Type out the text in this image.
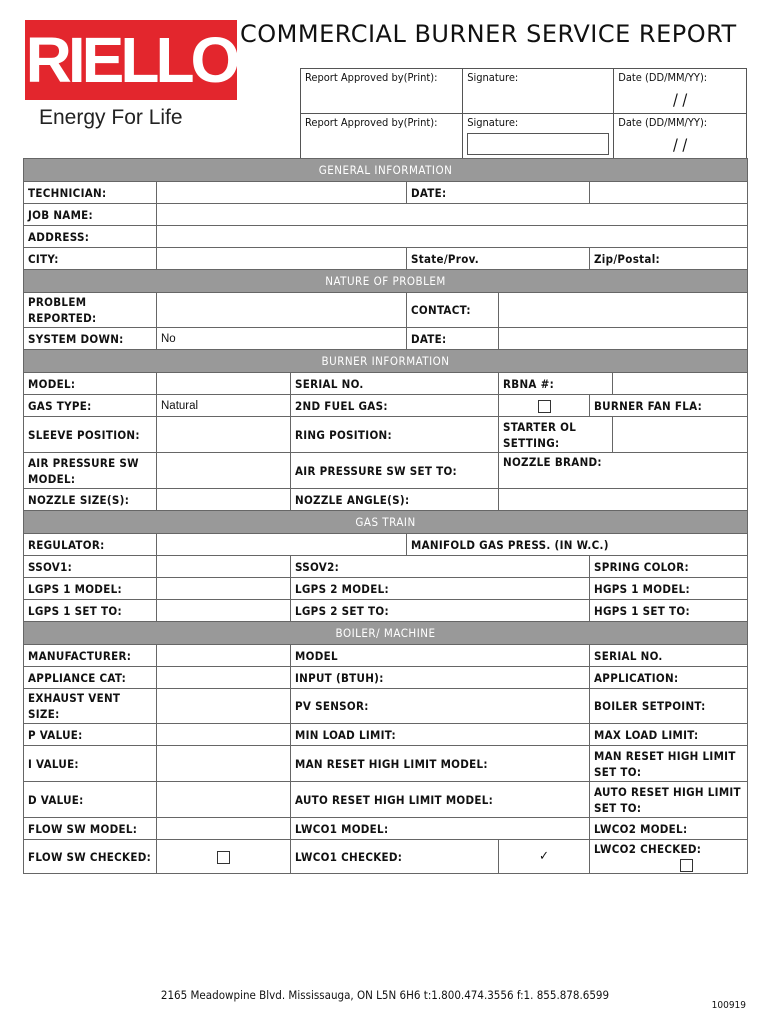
RIELLO
Energy For Life
COMMERCIAL BURNER SERVICE REPORT
Report Approved by(Print):	Signature:	Date (DD/MM/YY):
/ /

Report Approved by(Print):	Signature:	Date (DD/MM/YY):
/ /
GENERAL INFORMATION						
TECHNICIAN:			DATE:			
JOB NAME:						
ADDRESS:						
CITY:			State/Prov.		Zip/Postal:	
NATURE OF PROBLEM						
PROBLEM REPORTED:			CONTACT:			
SYSTEM DOWN:	No		DATE:			
BURNER INFORMATION						
MODEL:		SERIAL NO.		RBNA #:		
GAS TYPE:	Natural	2ND FUEL GAS:			BURNER FAN FLA:	
SLEEVE POSITION:		RING POSITION:		STARTER OL SETTING:		
AIR PRESSURE SW MODEL:		AIR PRESSURE SW SET TO:		NOZZLE BRAND:		
NOZZLE SIZE(S):		NOZZLE ANGLE(S):				
GAS TRAIN						
REGULATOR:			MANIFOLD GAS PRESS. (IN W.C.)			
SSOV1:		SSOV2:			SPRING COLOR:	
LGPS 1 MODEL:		LGPS 2 MODEL:			HGPS 1 MODEL:	
LGPS 1 SET TO:		LGPS 2 SET TO:			HGPS 1 SET TO:	
BOILER/ MACHINE						
MANUFACTURER:		MODEL			SERIAL NO.	
APPLIANCE CAT:		INPUT (BTUH):			APPLICATION:	
EXHAUST VENT SIZE:		PV SENSOR:			BOILER SETPOINT:	
P VALUE:		MIN LOAD LIMIT:			MAX LOAD LIMIT:	
I VALUE:		MAN RESET HIGH LIMIT MODEL:			MAN RESET HIGH LIMIT SET TO:	
D VALUE:		AUTO RESET HIGH LIMIT MODEL:			AUTO RESET HIGH LIMIT SET TO:	
FLOW SW MODEL:		LWCO1 MODEL:			LWCO2 MODEL:	
FLOW SW CHECKED:		LWCO1 CHECKED:		✓	LWCO2 CHECKED:	
2165 Meadowpine Blvd. Mississauga, ON L5N 6H6 t:1.800.474.3556 f:1. 855.878.6599
100919
